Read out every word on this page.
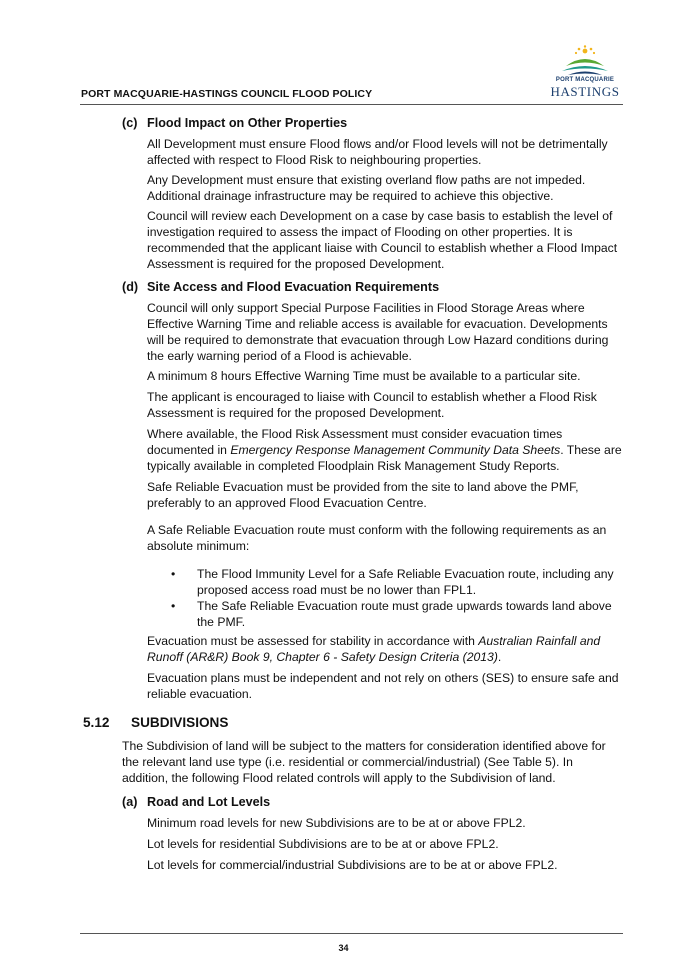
PORT MACQUARIE-HASTINGS COUNCIL FLOOD POLICY
PORT MACQUARIE
HASTINGS
(c) Flood Impact on Other Properties

All Development must ensure Flood flows and/or Flood levels will not be detrimentally affected with respect to Flood Risk to neighbouring properties.

Any Development must ensure that existing overland flow paths are not impeded. Additional drainage infrastructure may be required to achieve this objective.

Council will review each Development on a case by case basis to establish the level of investigation required to assess the impact of Flooding on other properties. It is recommended that the applicant liaise with Council to establish whether a Flood Impact Assessment is required for the proposed Development.

(d) Site Access and Flood Evacuation Requirements

Council will only support Special Purpose Facilities in Flood Storage Areas where Effective Warning Time and reliable access is available for evacuation. Developments will be required to demonstrate that evacuation through Low Hazard conditions during the early warning period of a Flood is achievable.

A minimum 8 hours Effective Warning Time must be available to a particular site.

The applicant is encouraged to liaise with Council to establish whether a Flood Risk Assessment is required for the proposed Development.

Where available, the Flood Risk Assessment must consider evacuation times documented in Emergency Response Management Community Data Sheets. These are typically available in completed Floodplain Risk Management Study Reports.

Safe Reliable Evacuation must be provided from the site to land above the PMF, preferably to an approved Flood Evacuation Centre.

A Safe Reliable Evacuation route must conform with the following requirements as an absolute minimum:

• The Flood Immunity Level for a Safe Reliable Evacuation route, including any proposed access road must be no lower than FPL1.
• The Safe Reliable Evacuation route must grade upwards towards land above the PMF.

Evacuation must be assessed for stability in accordance with Australian Rainfall and Runoff (AR&R) Book 9, Chapter 6 - Safety Design Criteria (2013).

Evacuation plans must be independent and not rely on others (SES) to ensure safe and reliable evacuation.

5.12 SUBDIVISIONS

The Subdivision of land will be subject to the matters for consideration identified above for the relevant land use type (i.e. residential or commercial/industrial) (See Table 5). In addition, the following Flood related controls will apply to the Subdivision of land.

(a) Road and Lot Levels

Minimum road levels for new Subdivisions are to be at or above FPL2.

Lot levels for residential Subdivisions are to be at or above FPL2.

Lot levels for commercial/industrial Subdivisions are to be at or above FPL2.

34
